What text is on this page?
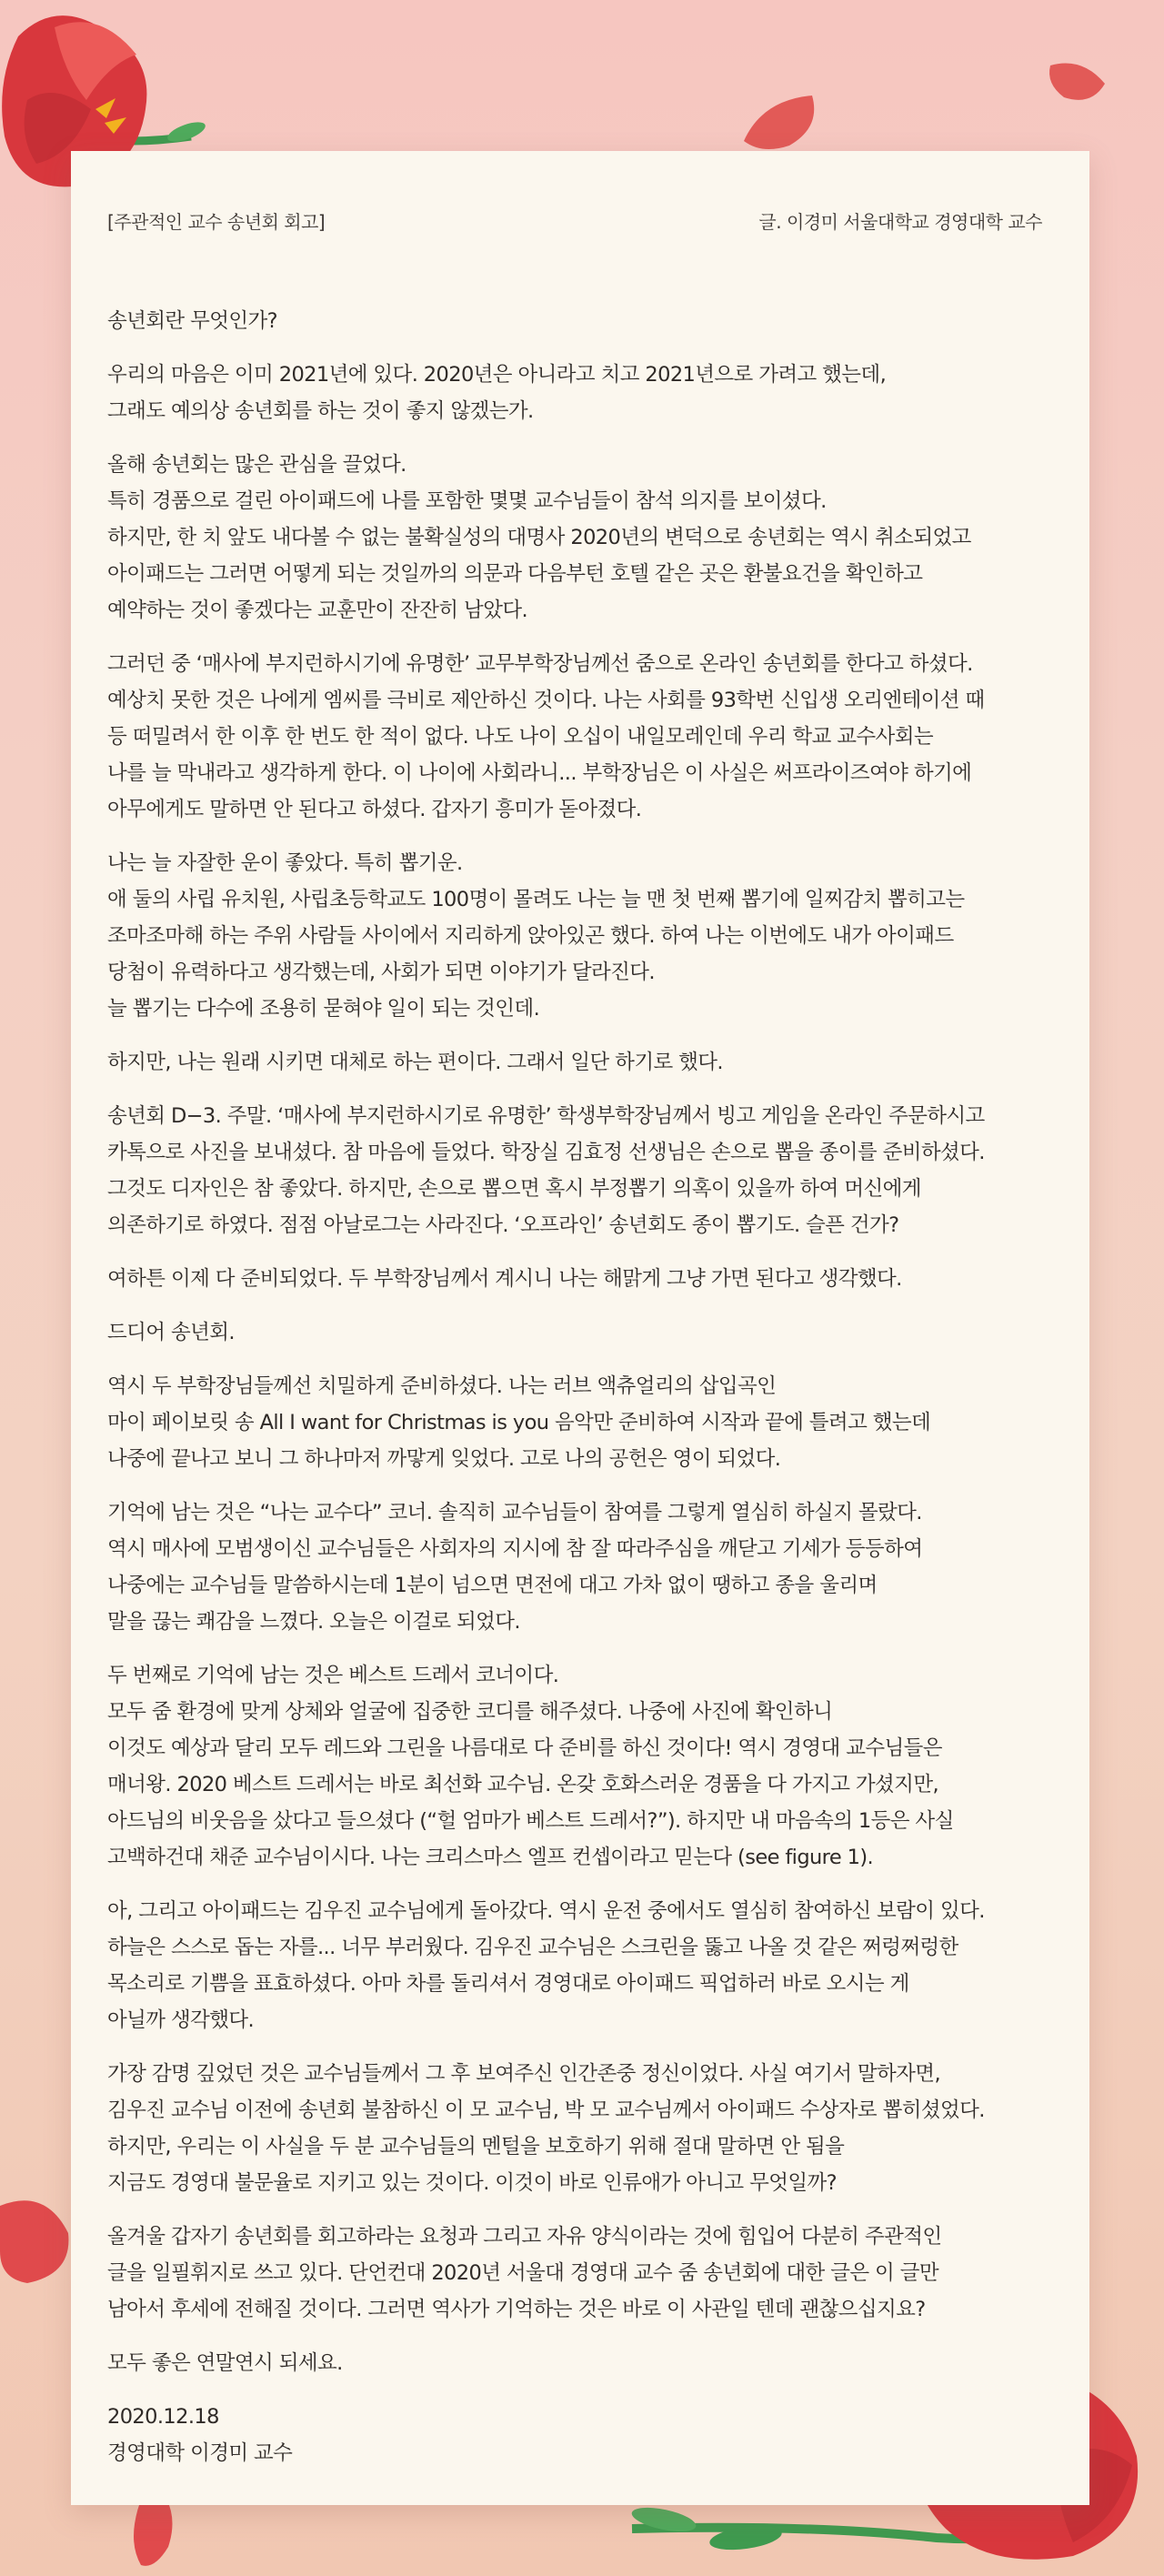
[주관적인 교수 송년회 회고]	글. 이경미 서울대학교 경영대학 교수

송년회란 무엇인가?

우리의 마음은 이미 2021년에 있다. 2020년은 아니라고 치고 2021년으로 가려고 했는데,
그래도 예의상 송년회를 하는 것이 좋지 않겠는가.

올해 송년회는 많은 관심을 끌었다.
특히 경품으로 걸린 아이패드에 나를 포함한 몇몇 교수님들이 참석 의지를 보이셨다.
하지만, 한 치 앞도 내다볼 수 없는 불확실성의 대명사 2020년의 변덕으로 송년회는 역시 취소되었고
아이패드는 그러면 어떻게 되는 것일까의 의문과 다음부턴 호텔 같은 곳은 환불요건을 확인하고
예약하는 것이 좋겠다는 교훈만이 잔잔히 남았다.

그러던 중 ‘매사에 부지런하시기에 유명한’ 교무부학장님께선 줌으로 온라인 송년회를 한다고 하셨다.
예상치 못한 것은 나에게 엠씨를 극비로 제안하신 것이다. 나는 사회를 93학번 신입생 오리엔테이션 때
등 떠밀려서 한 이후 한 번도 한 적이 없다. 나도 나이 오십이 내일모레인데 우리 학교 교수사회는
나를 늘 막내라고 생각하게 한다. 이 나이에 사회라니... 부학장님은 이 사실은 써프라이즈여야 하기에
아무에게도 말하면 안 된다고 하셨다. 갑자기 흥미가 돋아졌다.

나는 늘 자잘한 운이 좋았다. 특히 뽑기운.
애 둘의 사립 유치원, 사립초등학교도 100명이 몰려도 나는 늘 맨 첫 번째 뽑기에 일찌감치 뽑히고는
조마조마해 하는 주위 사람들 사이에서 지리하게 앉아있곤 했다. 하여 나는 이번에도 내가 아이패드
당첨이 유력하다고 생각했는데, 사회가 되면 이야기가 달라진다.
늘 뽑기는 다수에 조용히 묻혀야 일이 되는 것인데.

하지만, 나는 원래 시키면 대체로 하는 편이다. 그래서 일단 하기로 했다.

송년회 D−3. 주말. ‘매사에 부지런하시기로 유명한’ 학생부학장님께서 빙고 게임을 온라인 주문하시고
카톡으로 사진을 보내셨다. 참 마음에 들었다. 학장실 김효정 선생님은 손으로 뽑을 종이를 준비하셨다.
그것도 디자인은 참 좋았다. 하지만, 손으로 뽑으면 혹시 부정뽑기 의혹이 있을까 하여 머신에게
의존하기로 하였다. 점점 아날로그는 사라진다. ‘오프라인’ 송년회도 종이 뽑기도. 슬픈 건가?

여하튼 이제 다 준비되었다. 두 부학장님께서 계시니 나는 해맑게 그냥 가면 된다고 생각했다.

드디어 송년회.

역시 두 부학장님들께선 치밀하게 준비하셨다. 나는 러브 액츄얼리의 삽입곡인
마이 페이보릿 송 All I want for Christmas is you 음악만 준비하여 시작과 끝에 틀려고 했는데
나중에 끝나고 보니 그 하나마저 까맣게 잊었다. 고로 나의 공헌은 영이 되었다.

기억에 남는 것은 “나는 교수다” 코너. 솔직히 교수님들이 참여를 그렇게 열심히 하실지 몰랐다.
역시 매사에 모범생이신 교수님들은 사회자의 지시에 참 잘 따라주심을 깨닫고 기세가 등등하여
나중에는 교수님들 말씀하시는데 1분이 넘으면 면전에 대고 가차 없이 땡하고 종을 울리며
말을 끊는 쾌감을 느꼈다. 오늘은 이걸로 되었다.

두 번째로 기억에 남는 것은 베스트 드레서 코너이다.
모두 줌 환경에 맞게 상체와 얼굴에 집중한 코디를 해주셨다. 나중에 사진에 확인하니
이것도 예상과 달리 모두 레드와 그린을 나름대로 다 준비를 하신 것이다! 역시 경영대 교수님들은
매너왕. 2020 베스트 드레서는 바로 최선화 교수님. 온갖 호화스러운 경품을 다 가지고 가셨지만,
아드님의 비웃음을 샀다고 들으셨다 (“헐 엄마가 베스트 드레서?”). 하지만 내 마음속의 1등은 사실
고백하건대 채준 교수님이시다. 나는 크리스마스 엘프 컨셉이라고 믿는다 (see figure 1).

아, 그리고 아이패드는 김우진 교수님에게 돌아갔다. 역시 운전 중에서도 열심히 참여하신 보람이 있다.
하늘은 스스로 돕는 자를... 너무 부러웠다. 김우진 교수님은 스크린을 뚫고 나올 것 같은 쩌렁쩌렁한
목소리로 기쁨을 표효하셨다. 아마 차를 돌리셔서 경영대로 아이패드 픽업하러 바로 오시는 게
아닐까 생각했다.

가장 감명 깊었던 것은 교수님들께서 그 후 보여주신 인간존중 정신이었다. 사실 여기서 말하자면,
김우진 교수님 이전에 송년회 불참하신 이 모 교수님, 박 모 교수님께서 아이패드 수상자로 뽑히셨었다.
하지만, 우리는 이 사실을 두 분 교수님들의 멘털을 보호하기 위해 절대 말하면 안 됨을
지금도 경영대 불문율로 지키고 있는 것이다. 이것이 바로 인류애가 아니고 무엇일까?

올겨울 갑자기 송년회를 회고하라는 요청과 그리고 자유 양식이라는 것에 힘입어 다분히 주관적인
글을 일필휘지로 쓰고 있다. 단언컨대 2020년 서울대 경영대 교수 줌 송년회에 대한 글은 이 글만
남아서 후세에 전해질 것이다. 그러면 역사가 기억하는 것은 바로 이 사관일 텐데 괜찮으십지요?

모두 좋은 연말연시 되세요.

2020.12.18
경영대학 이경미 교수
